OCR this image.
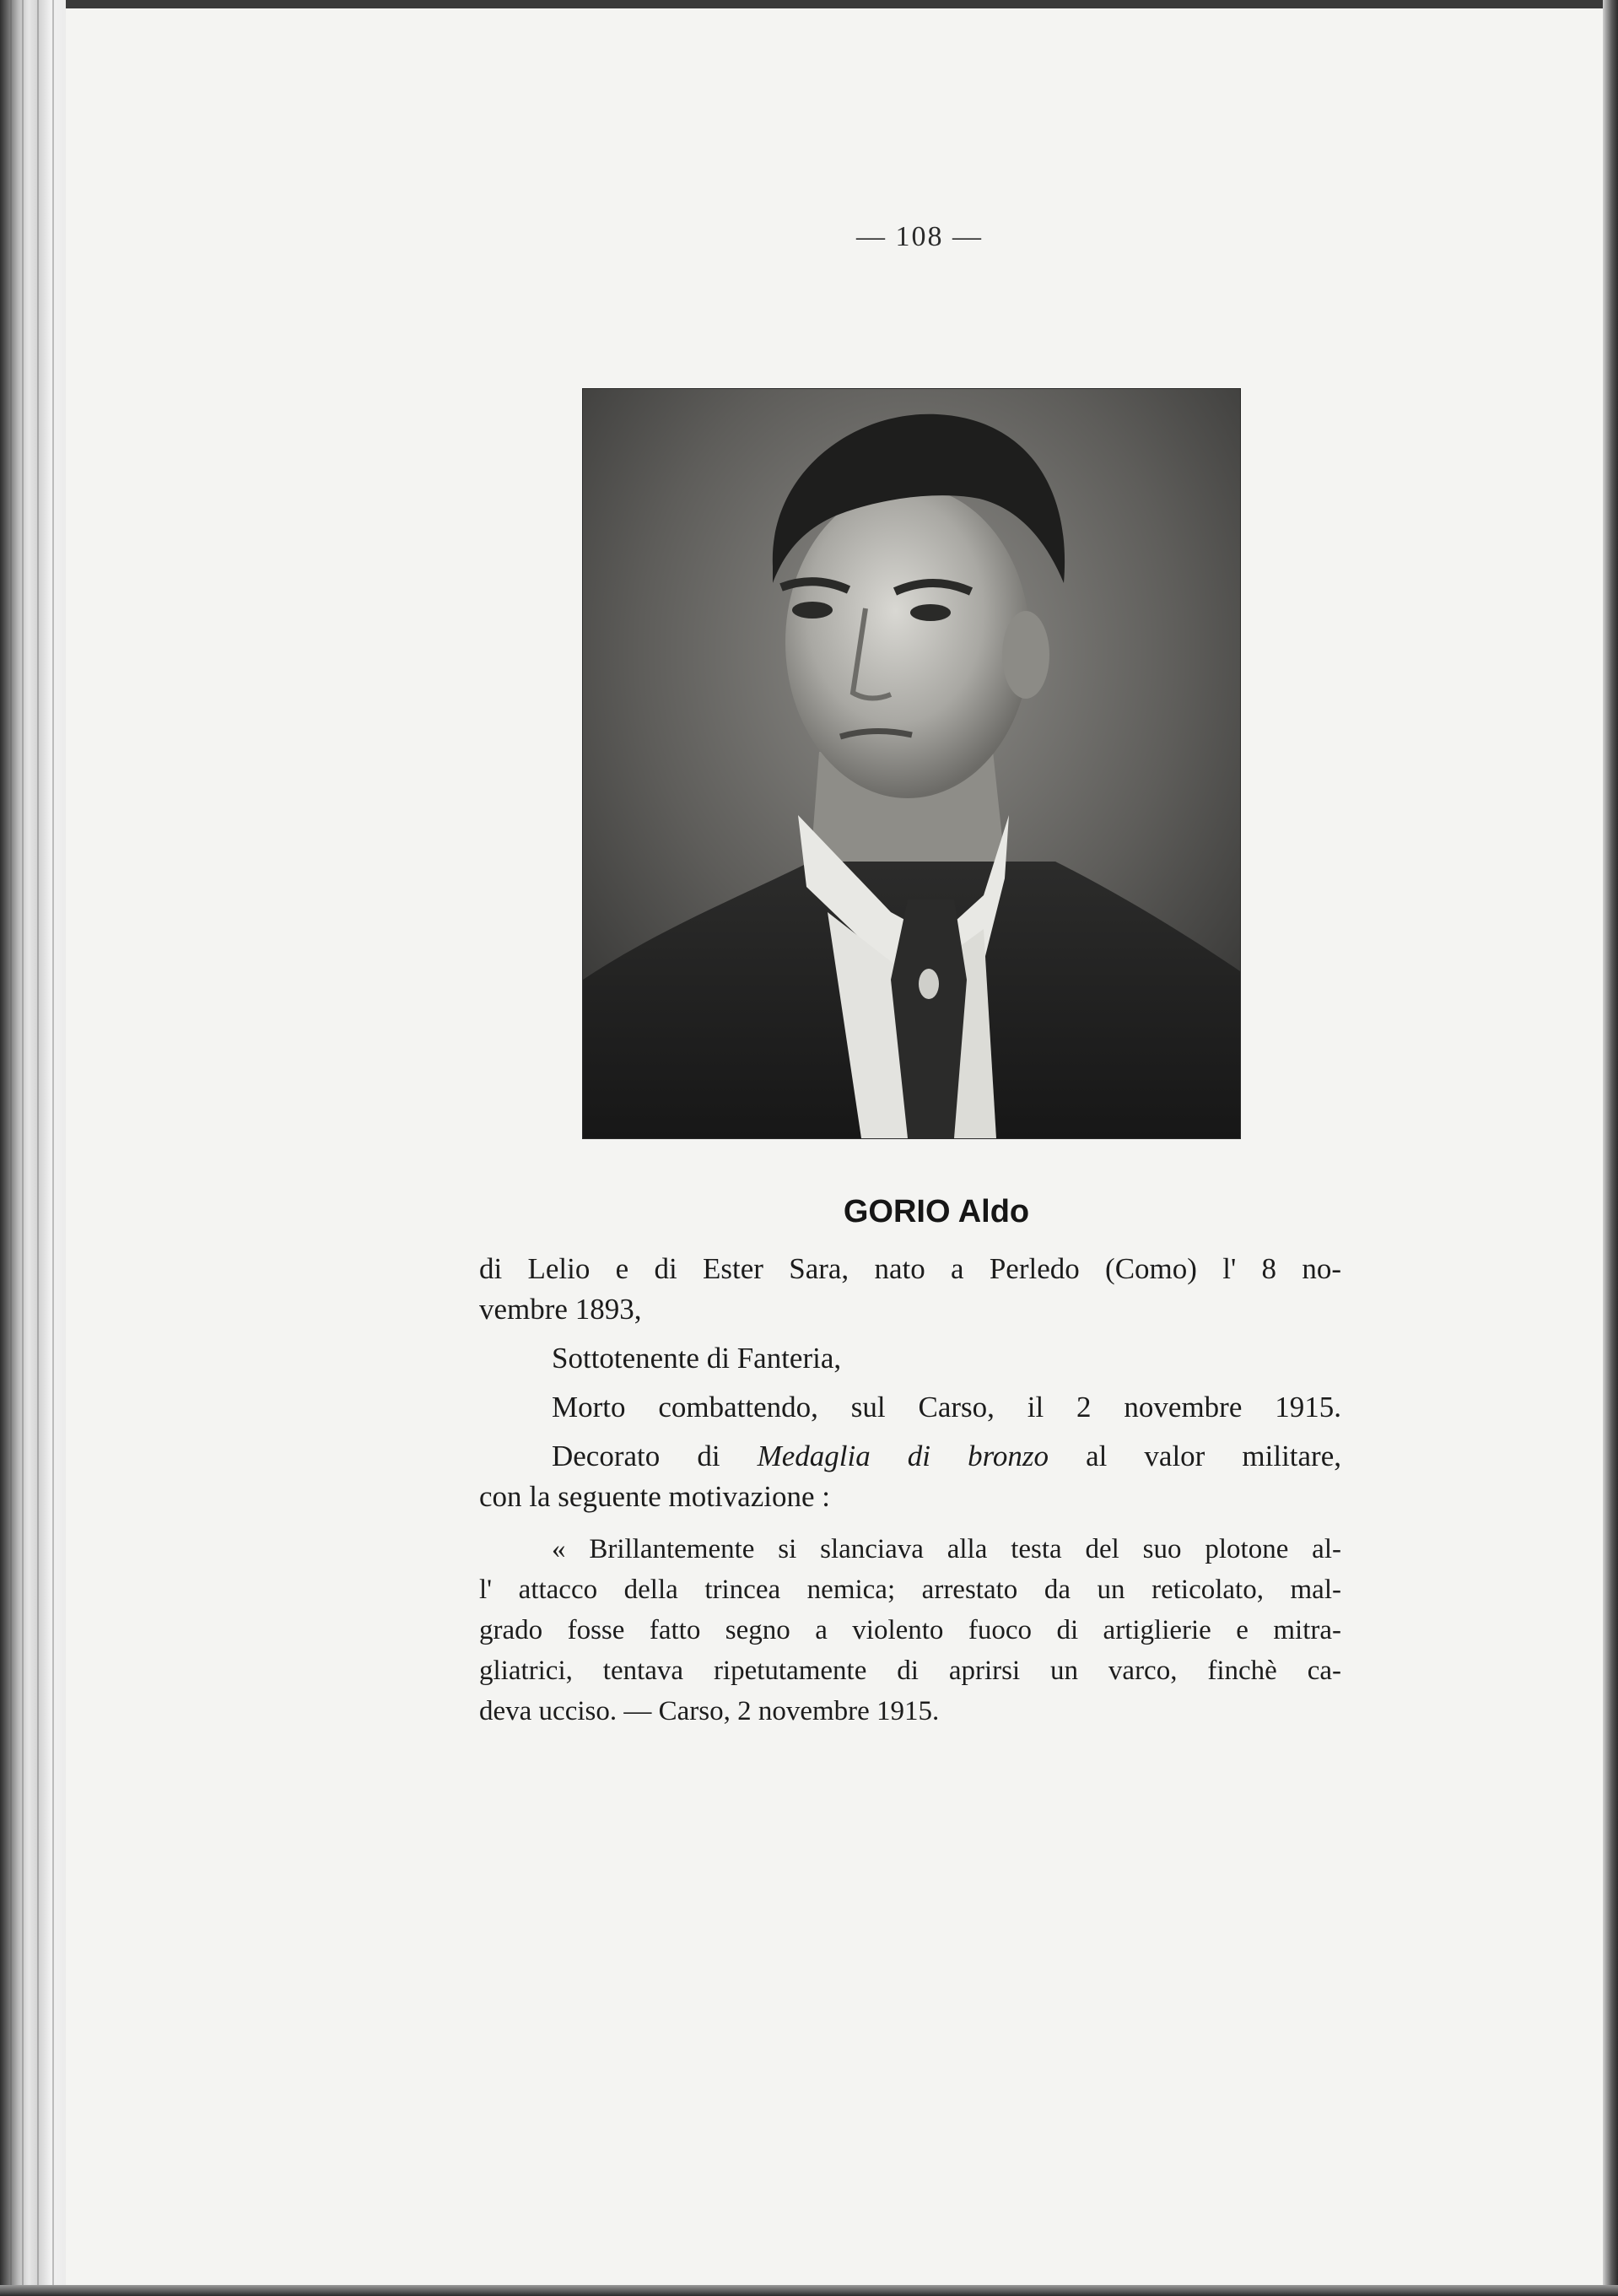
— 108 —
GORIO Aldo
di Lelio e di Ester Sara, nato a Perledo (Como) l' 8 no-
vembre 1893,
Sottotenente di Fanteria,
Morto combattendo, sul Carso, il 2 novembre 1915.
Decorato di Medaglia di bronzo al valor militare,
con la seguente motivazione :
« Brillantemente si slanciava alla testa del suo plotone al-
l' attacco della trincea nemica; arrestato da un reticolato, mal-
grado fosse fatto segno a violento fuoco di artiglierie e mitra-
gliatrici, tentava ripetutamente di aprirsi un varco, finchè ca-
deva ucciso. — Carso, 2 novembre 1915.
